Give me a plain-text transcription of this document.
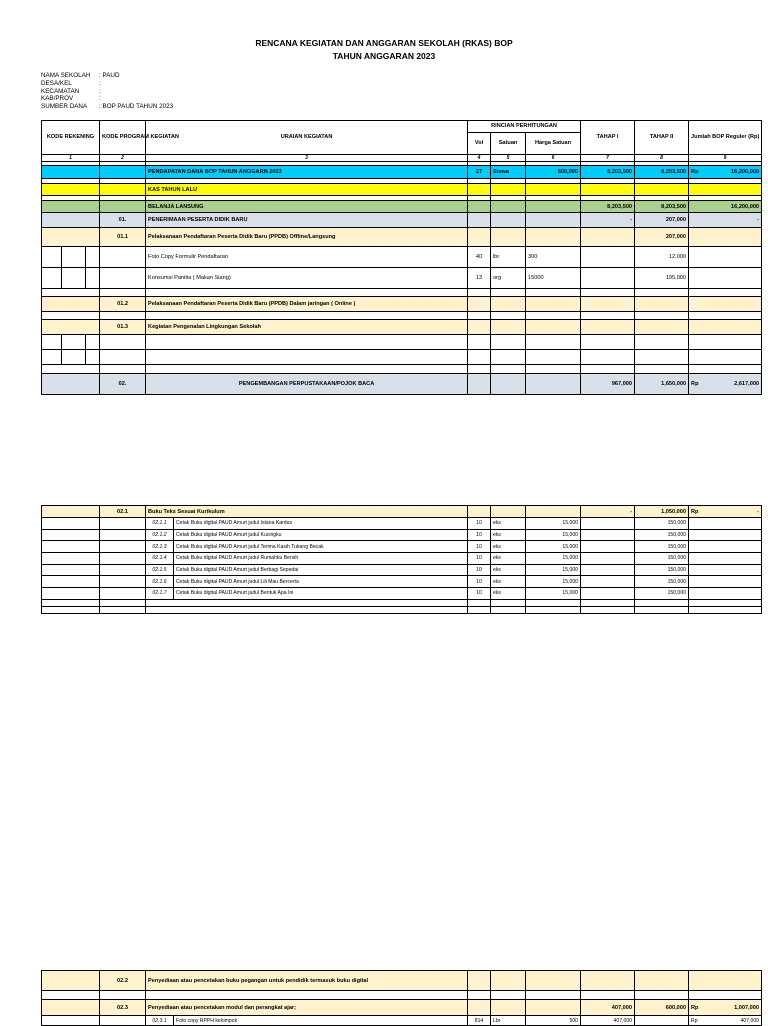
RENCANA KEGIATAN DAN ANGGARAN SEKOLAH (RKAS) BOP
TAHUN ANGGARAN 2023
NAMA SEKOLAH	: PAUD
DESA/KEL	:
KECAMATAN	:
KAB/PROV	:
SUMBER DANA	: BOP PAUD TAHUN 2023
KODE REKENING			KODE PROGRAM KEGIATAN	URAIAN KEGIATAN	RINCIAN PERHITUNGAN			TAHAP I	TAHAP II	Jumlah BOP Reguler (Rp)
					Vol	Satuan	Harga Satuan			
1			2	3	4	5	6	7	8	9

				PENDAPATAN DANA BOP TAHUN ANGGARN 2023	27	Siswa	600,000	8,203,500	8,203,500	Rp 16,200,000

				KAS TAHUN LALU						

				BELANJA LANSUNG				8,203,500	8,203,500	16,200,000
			01.	PENERIMAAN PESERTA DIDIK BARU				-	207,000	-
			01.1	Pelaksanaan Pendaftaran Peserta Didik Baru (PPDB) Offline/Langsung					207,000	
				Foto Copy Formulir Pendaftaran	40	lbr	300		12,000	
				Konsumsi Panitia ( Makan Siang)	13	org	15000		195,000	

			01.2	Pelaksanaan Pendaftaran Peserta Didik Baru (PPDB) Dalam jaringan ( Online )						

			01.3	Kegiatan Pengenalan Lingkungan Sekolah						

			02.	PENGEMBANGAN PERPUSTAKAAN/POJOK BACA				967,000	1,650,000	Rp 2,617,000
	02.1	Buku Teks Sesuai Kurikulum					-	1,050,000	Rp -

		02.1.1	Cetak Buku digital PAUD Amurt judul Istana Kardus	10	eks	15,000		150,000	
		02.1.2	Cetak Buku digital PAUD Amurt judul Kucingku	10	eks	15,000		150,000	
		02.1.3	Cetak Buku digital PAUD Amurt judul Terima Kasih Tukang Becak	10	eks	15,000		150,000	
		02.1.4	Cetak Buku digital PAUD Amurt judul Rumahku Bersih	10	eks	15,000		150,000	
		02.1.5	Cetak Buku digital PAUD Amurt judul Berbagi Sepedai	10	eks	15,000		150,000	
		02.1.6	Cetak Buku digital PAUD Amurt judul Lili Mau Bercerta	10	eks	15,000		150,000	
		02.1.7	Cetak Buku digital PAUD Amurt judul Bentuk Apa Ini	10	eks	15,000		150,000	

	02.2	Penyediaan atau pencetakan buku pegangan untuk pendidik termasuk buku digital							

	02.3	Penyediaan atau pencetakan modul dan perangkat ajar;					407,000	600,000	Rp 1,007,000

		02.3.1	Foto copy RPPH kelompok	814	Lbr	500	407,000		Rp 407,000
